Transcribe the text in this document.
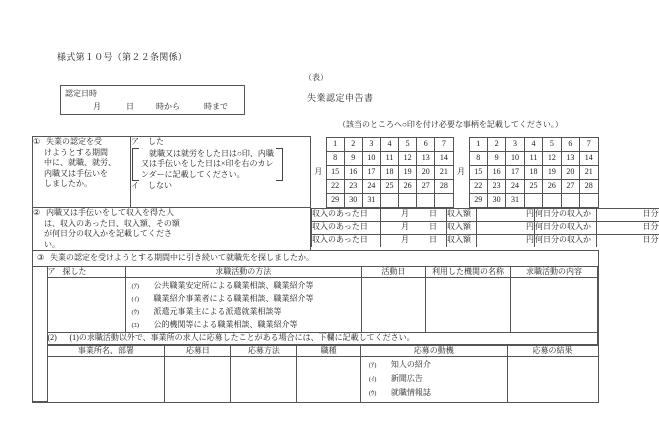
様式第１０号（第２２条関係）
（表）
失業認定申告書
認定日時
月	日	時から	時まで
（該当のところへ○印を付け必要な事柄を記載してください。）
① 失業の認定を受
けようとする期間
中に、就職、就労、
内職又は手伝いを
しましたか。

ア した
就職又は就労をした日は○印、内職
又は手伝いをした日は×印を右のカレ
ンダーに記載してください。
イ しない
	月	
1	2	3	4	5	6	7
8	9	10	11	12	13	14
15	16	17	18	19	20	21
22	23	24	25	26	27	28
29	30	31				
	月	
1	2	3	4	5	6	7
8	9	10	11	12	13	14
15	16	17	18	19	20	21
22	23	24	25	26	27	28
29	30	31				

② 内職又は手伝いをして収入を得た人
は、収入のあった日、収入額、その額
が何日分の収入かを記載してくださ
い。

収入のあった日	月	日	収入額	円	何日分の収入か	日分
収入のあった日	月	日	収入額	円	何日分の収入か	日分
収入のあった日	月	日	収入額	円	何日分の収入か	日分

③ 失業の認定を受けようとする期間中に引き続いて就職先を探しましたか。
	ア 探した	求職活動の方法	活動日	利用した機関の名称	求職活動の内容

(ｱ) 公共職業安定所による職業相談、職業紹介等
(ｲ) 職業紹介事業者による職業相談、職業紹介等
(ｳ) 派遣元事業主による派遣就業相談等
(ｴ) 公的機関等による職業相談、職業紹介等

(2) (1)の求職活動以外で、事業所の求人に応募したことがある場合には、下欄に記載してください。

事業所名、部署	応募日	応募方法	職種	応募の動機	応募の結果

(ｱ) 知人の紹介
(ｲ) 新聞広告
(ｳ) 就職情報誌
